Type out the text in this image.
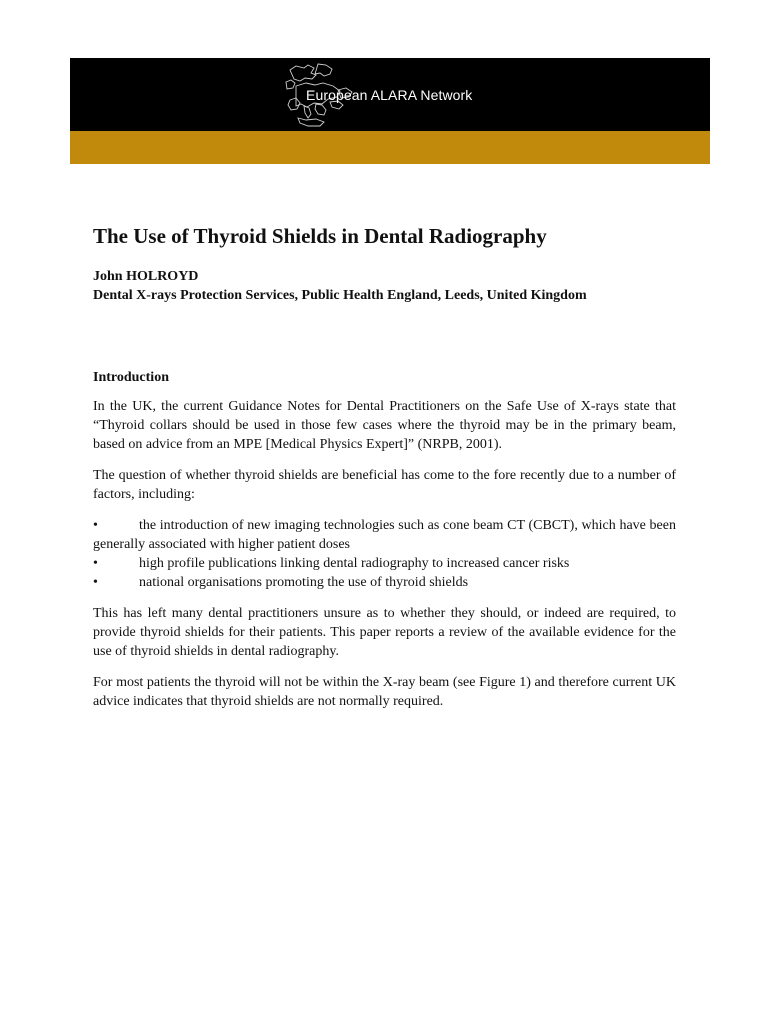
European ALARA Network
The Use of Thyroid Shields in Dental Radiography

John HOLROYD

Dental X-rays Protection Services, Public Health England, Leeds, United Kingdom

Introduction

In the UK, the current Guidance Notes for Dental Practitioners on the Safe Use of X-rays state that “Thyroid collars should be used in those few cases where the thyroid may be in the primary beam, based on advice from an MPE [Medical Physics Expert]” (NRPB, 2001).

The question of whether thyroid shields are beneficial has come to the fore recently due to a number of factors, including:

•	the introduction of new imaging technologies such as cone beam CT (CBCT), which have been generally associated with higher patient doses
•	high profile publications linking dental radiography to increased cancer risks
•	national organisations promoting the use of thyroid shields

This has left many dental practitioners unsure as to whether they should, or indeed are required, to provide thyroid shields for their patients. This paper reports a review of the available evidence for the use of thyroid shields in dental radiography.

For most patients the thyroid will not be within the X-ray beam (see Figure 1) and therefore current UK advice indicates that thyroid shields are not normally required.
